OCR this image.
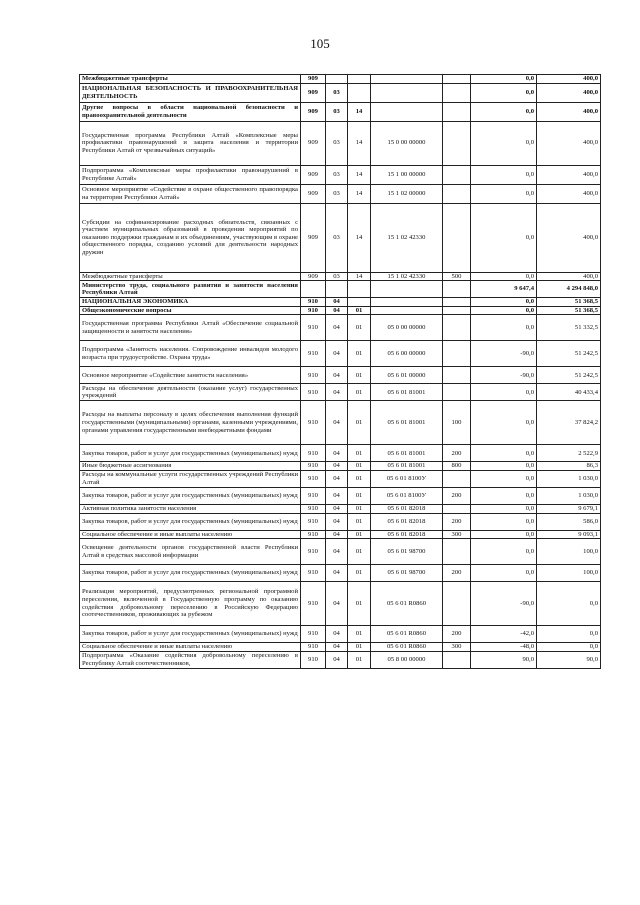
105
Межбюджетные трансферты	909					0,0	400,0
НАЦИОНАЛЬНАЯ БЕЗОПАСНОСТЬ И ПРАВООХРАНИТЕЛЬНАЯ ДЕЯТЕЛЬНОСТЬ	909	03				0,0	400,0
Другие вопросы в области национальной безопасности и правоохранительной деятельности	909	03	14			0,0	400,0
Государственная программа Республики Алтай «Комплексные меры профилактики правонарушений и защита населения и территории Республики Алтай от чрезвычайных ситуаций»	909	03	14	15 0 00 00000		0,0	400,0
Подпрограмма «Комплексные меры профилактики правонарушений в Республике Алтай»	909	03	14	15 1 00 00000		0,0	400,0
Основное мероприятие «Содействие в охране общественного правопорядка на территории Республики Алтай»	909	03	14	15 1 02 00000		0,0	400,0
Субсидии на софинансирование расходных обязательств, связанных с участием муниципальных образований в проведении мероприятий по оказанию поддержки гражданам и их объединениям, участвующим в охране общественного порядка, созданию условий для деятельности народных дружин	909	03	14	15 1 02 42330		0,0	400,0
Межбюджетные трансферты	909	03	14	15 1 02 42330	500	0,0	400,0
Министерство труда, социального развития и занятости населения Республики Алтай						9 647,4	4 294 848,0
НАЦИОНАЛЬНАЯ ЭКОНОМИКА	910	04				0,0	51 368,5
Общеэкономические вопросы	910	04	01			0,0	51 368,5
Государственная программа Республики Алтай «Обеспечение социальной защищенности и занятости населения»	910	04	01	05 0 00 00000		0,0	51 332,5
Подпрограмма «Занятость населения. Сопровождение инвалидов молодого возраста при трудоустройстве. Охрана труда»	910	04	01	05 6 00 00000		-90,0	51 242,5
Основное мероприятие «Содействие занятости населения»	910	04	01	05 6 01 00000		-90,0	51 242,5
Расходы на обеспечение деятельности (оказание услуг) государственных учреждений	910	04	01	05 6 01 81001		0,0	40 433,4
Расходы на выплаты персоналу в целях обеспечения выполнения функций государственными (муниципальными) органами, казенными учреждениями, органами управления государственными внебюджетными фондами	910	04	01	05 6 01 81001	100	0,0	37 824,2
Закупка товаров, работ и услуг для государственных (муниципальных) нужд	910	04	01	05 6 01 81001	200	0,0	2 522,9
Иные бюджетные ассигнования	910	04	01	05 6 01 81001	800	0,0	86,3
Расходы на коммунальные услуги государственных учреждений Республики Алтай	910	04	01	05 6 01 8100У		0,0	1 030,0
Закупка товаров, работ и услуг для государственных (муниципальных) нужд	910	04	01	05 6 01 8100У	200	0,0	1 030,0
Активная политика занятости населения	910	04	01	05 6 01 82018		0,0	9 679,1
Закупка товаров, работ и услуг для государственных (муниципальных) нужд	910	04	01	05 6 01 82018	200	0,0	586,0
Социальное обеспечение и иные выплаты населению	910	04	01	05 6 01 82018	300	0,0	9 093,1
Освещение деятельности органов государственной власти Республики Алтай в средствах массовой информации	910	04	01	05 6 01 98700		0,0	100,0
Закупка товаров, работ и услуг для государственных (муниципальных) нужд	910	04	01	05 6 01 98700	200	0,0	100,0
Реализация мероприятий, предусмотренных региональной программой переселения, включенной в Государственную программу по оказанию содействия добровольному переселению в Российскую Федерацию соотечественников, проживающих за рубежом	910	04	01	05 6 01 R0860		-90,0	0,0
Закупка товаров, работ и услуг для государственных (муниципальных) нужд	910	04	01	05 6 01 R0860	200	-42,0	0,0
Социальное обеспечение и иные выплаты населению	910	04	01	05 6 01 R0860	300	-48,0	0,0
Подпрограмма «Оказание содействия добровольному переселению в Республику Алтай соотечественников,	910	04	01	05 8 00 00000		90,0	90,0
